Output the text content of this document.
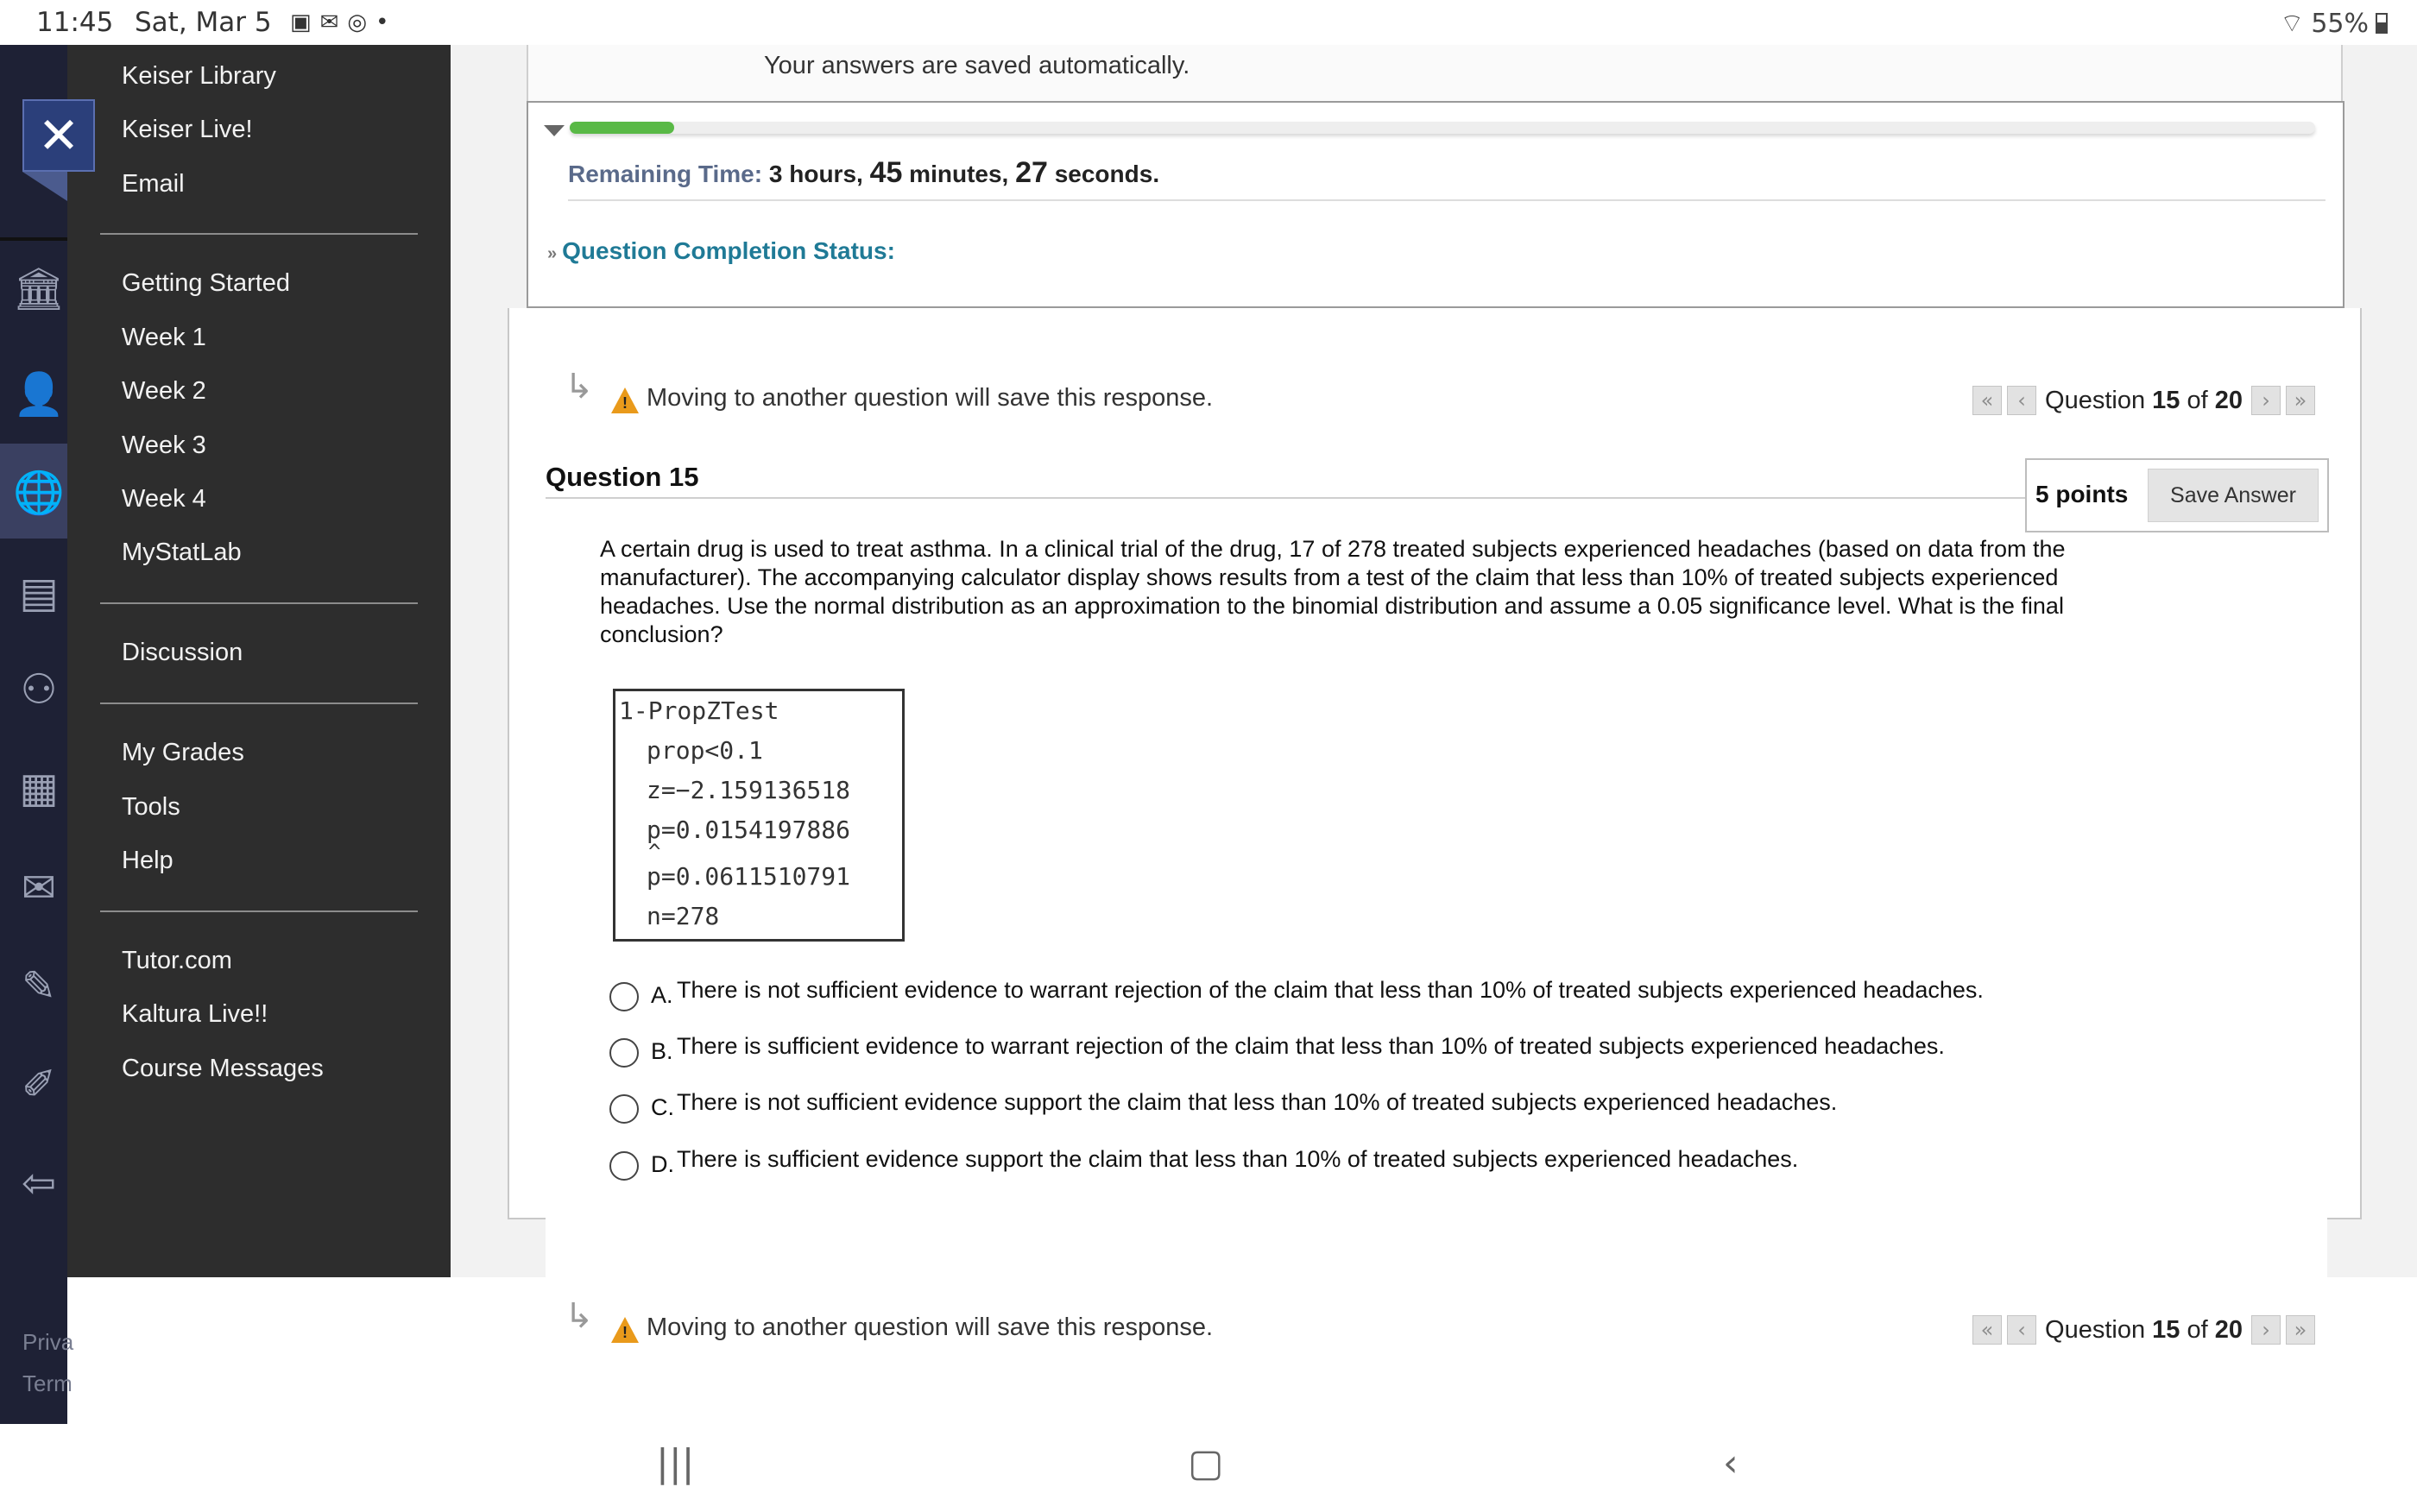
11:45 Sat, Mar 5 ▣ ✉ ◎ •	⌔ 55%
✕
🏛
👤
🌐
▤
⚇
▦
✉
✎
✐
⇦
Priva
Term
Keiser Library
Keiser Live!
Email
Getting Started
Week 1
Week 2
Week 3
Week 4
MyStatLab
Discussion
My Grades
Tools
Help
Tutor.com
Kaltura Live!!
Course Messages
Your answers are saved automatically.
Remaining Time: 3 hours, 45 minutes, 27 seconds.
» Question Completion Status:
↳ ! Moving to another question will save this response.	«	‹ Question 15 of 20 ›	»
Question 15
5 points	Save Answer
A certain drug is used to treat asthma. In a clinical trial of the drug, 17 of 278 treated subjects experienced headaches (based on data from the manufacturer). The accompanying calculator display shows results from a test of the claim that less than 10% of treated subjects experienced headaches. Use the normal distribution as an approximation to the binomial distribution and assume a 0.05 significance level. What is the final conclusion?
1-PropZTest
prop<0.1
z=−2.159136518
p=0.0154197886
^
p=0.0611510791
n=278
A. There is not sufficient evidence to warrant rejection of the claim that less than 10% of treated subjects experienced headaches.
B. There is sufficient evidence to warrant rejection of the claim that less than 10% of treated subjects experienced headaches.
C. There is not sufficient evidence support the claim that less than 10% of treated subjects experienced headaches.
D. There is sufficient evidence support the claim that less than 10% of treated subjects experienced headaches.
↳ ! Moving to another question will save this response.	«	‹ Question 15 of 20 ›	»
|||	▢	‹
